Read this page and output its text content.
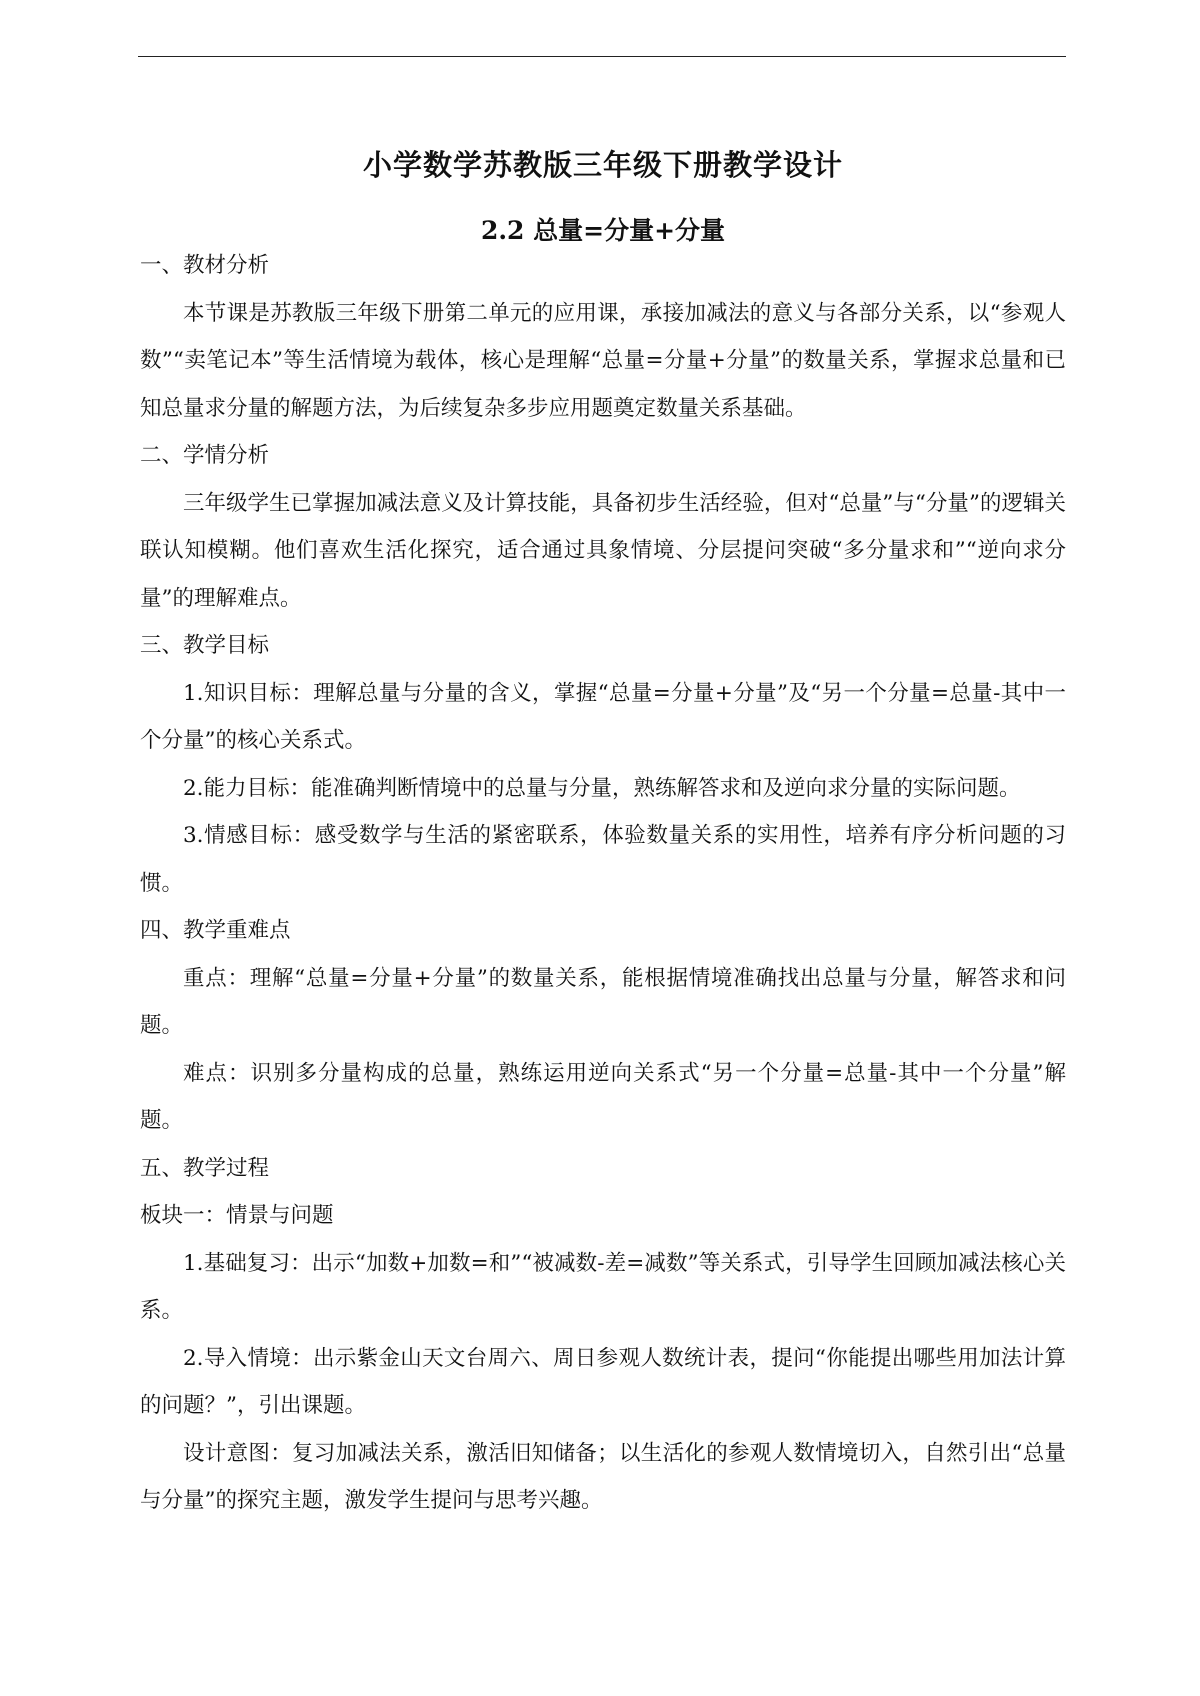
小学数学苏教版三年级下册教学设计
2.2 总量=分量+分量

一、教材分析

本节课是苏教版三年级下册第二单元的应用课，承接加减法的意义与各部分关系，以“参观人数”“卖笔记本”等生活情境为载体，核心是理解“总量=分量+分量”的数量关系，掌握求总量和已知总量求分量的解题方法，为后续复杂多步应用题奠定数量关系基础。

二、学情分析

三年级学生已掌握加减法意义及计算技能，具备初步生活经验，但对“总量”与“分量”的逻辑关联认知模糊。他们喜欢生活化探究，适合通过具象情境、分层提问突破“多分量求和”“逆向求分量”的理解难点。

三、教学目标

1.知识目标：理解总量与分量的含义，掌握“总量=分量+分量”及“另一个分量=总量-其中一个分量”的核心关系式。

2.能力目标：能准确判断情境中的总量与分量，熟练解答求和及逆向求分量的实际问题。

3.情感目标：感受数学与生活的紧密联系，体验数量关系的实用性，培养有序分析问题的习惯。

四、教学重难点

重点：理解“总量=分量+分量”的数量关系，能根据情境准确找出总量与分量，解答求和问题。

难点：识别多分量构成的总量，熟练运用逆向关系式“另一个分量=总量-其中一个分量”解题。

五、教学过程

板块一：情景与问题

1.基础复习：出示“加数+加数=和”“被减数-差=减数”等关系式，引导学生回顾加减法核心关系。

2.导入情境：出示紫金山天文台周六、周日参观人数统计表，提问“你能提出哪些用加法计算的问题？”，引出课题。

设计意图：复习加减法关系，激活旧知储备；以生活化的参观人数情境切入，自然引出“总量与分量”的探究主题，激发学生提问与思考兴趣。
